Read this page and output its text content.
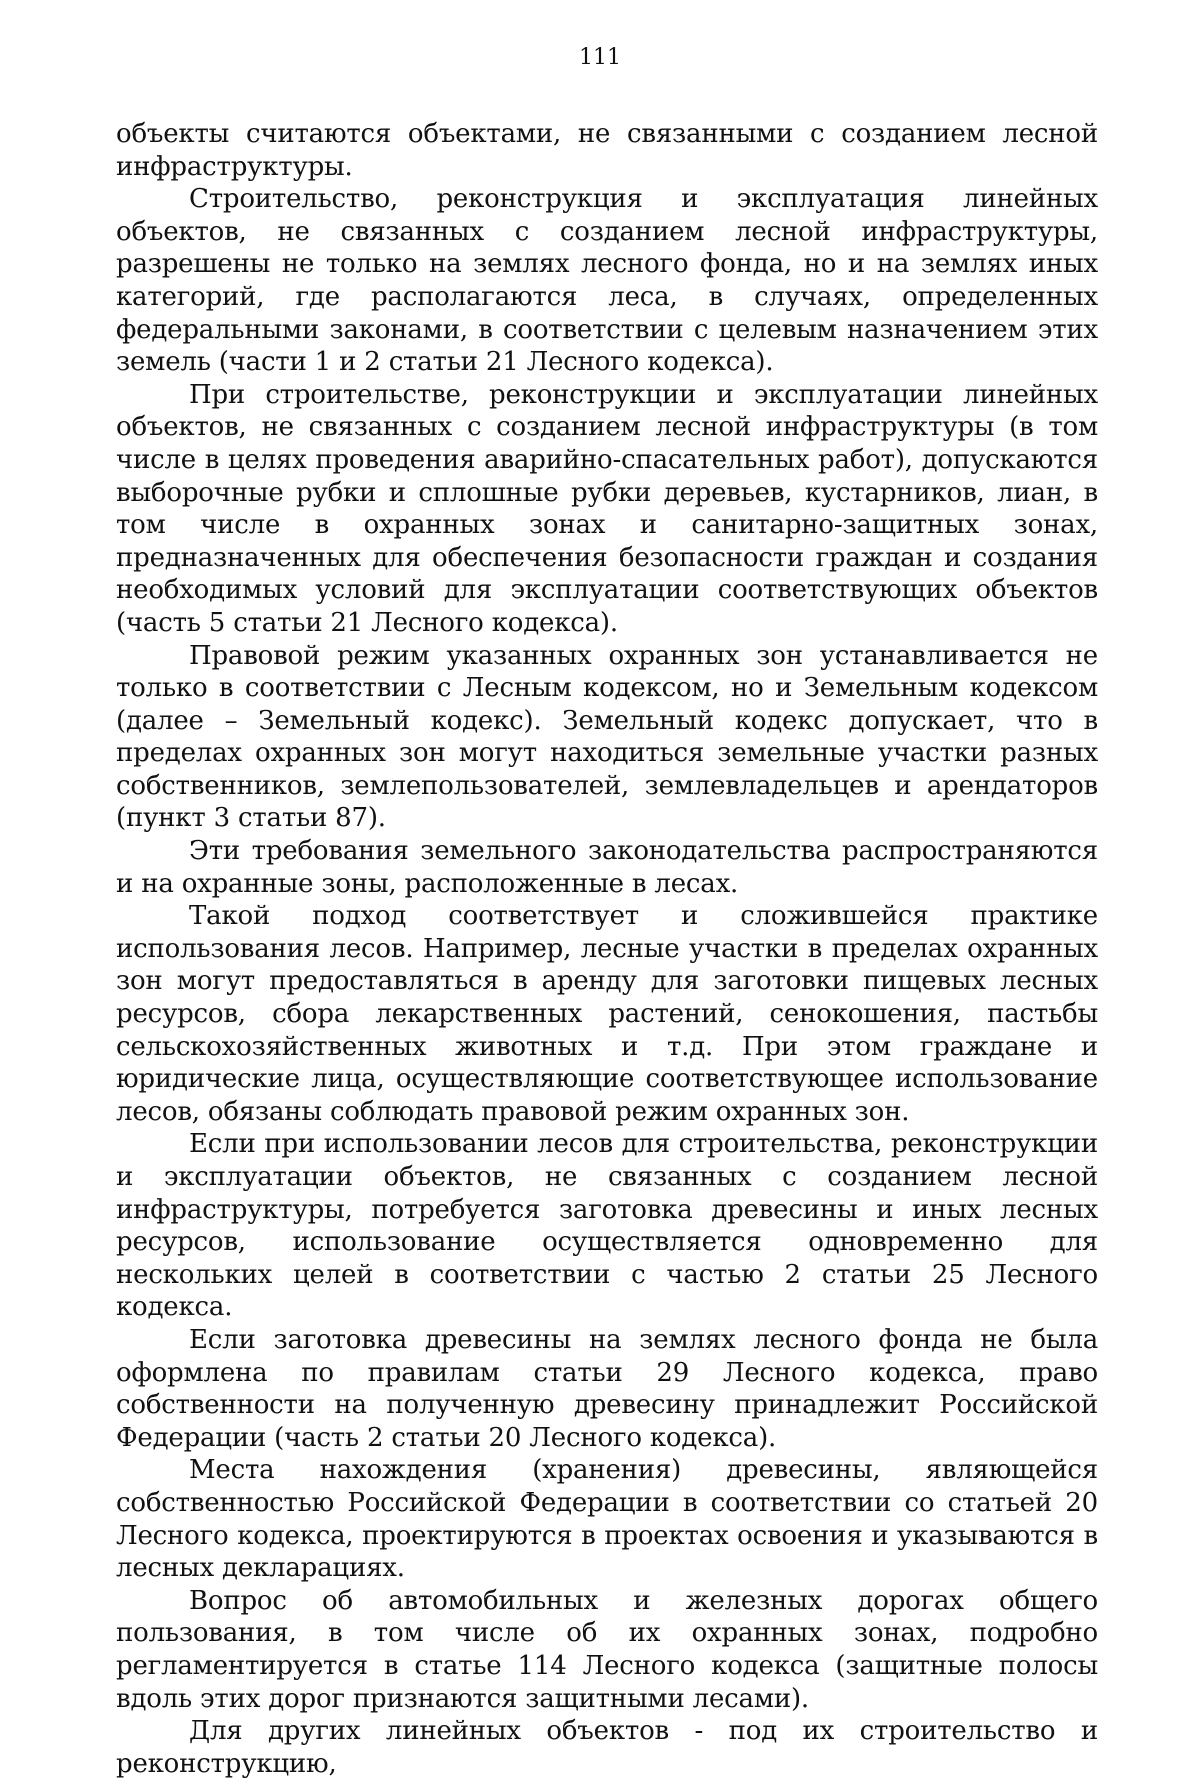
111

объекты считаются объектами, не связанными с созданием лесной инфраструктуры.

Строительство, реконструкция и эксплуатация линейных объектов, не связанных с созданием лесной инфраструктуры, разрешены не только на землях лесного фонда, но и на землях иных категорий, где располагаются леса, в случаях, определенных федеральными законами, в соответствии с целевым назначением этих земель (части 1 и 2 статьи 21 Лесного кодекса).

При строительстве, реконструкции и эксплуатации линейных объектов, не связанных с созданием лесной инфраструктуры (в том числе в целях проведения аварийно-спасательных работ), допускаются выборочные рубки и сплошные рубки деревьев, кустарников, лиан, в том числе в охранных зонах и санитарно-защитных зонах, предназначенных для обеспечения безопасности граждан и создания необходимых условий для эксплуатации соответствующих объектов (часть 5 статьи 21 Лесного кодекса).

Правовой режим указанных охранных зон устанавливается не только в соответствии с Лесным кодексом, но и Земельным кодексом (далее – Земельный кодекс). Земельный кодекс допускает, что в пределах охранных зон могут находиться земельные участки разных собственников, землепользователей, землевладельцев и арендаторов (пункт 3 статьи 87).

Эти требования земельного законодательства распространяются и на охранные зоны, расположенные в лесах.

Такой подход соответствует и сложившейся практике использования лесов. Например, лесные участки в пределах охранных зон могут предоставляться в аренду для заготовки пищевых лесных ресурсов, сбора лекарственных растений, сенокошения, пастьбы сельскохозяйственных животных и т.д. При этом граждане и юридические лица, осуществляющие соответствующее использование лесов, обязаны соблюдать правовой режим охранных зон.

Если при использовании лесов для строительства, реконструкции и эксплуатации объектов, не связанных с созданием лесной инфраструктуры, потребуется заготовка древесины и иных лесных ресурсов, использование осуществляется одновременно для нескольких целей в соответствии с частью 2 статьи 25 Лесного кодекса.

Если заготовка древесины на землях лесного фонда не была оформлена по правилам статьи 29 Лесного кодекса, право собственности на полученную древесину принадлежит Российской Федерации (часть 2 статьи 20 Лесного кодекса).

Места нахождения (хранения) древесины, являющейся собственностью Российской Федерации в соответствии со статьей 20 Лесного кодекса, проектируются в проектах освоения и указываются в лесных декларациях.

Вопрос об автомобильных и железных дорогах общего пользования, в том числе об их охранных зонах, подробно регламентируется в статье 114 Лесного кодекса (защитные полосы вдоль этих дорог признаются защитными лесами).

Для других линейных объектов - под их строительство и реконструкцию,
